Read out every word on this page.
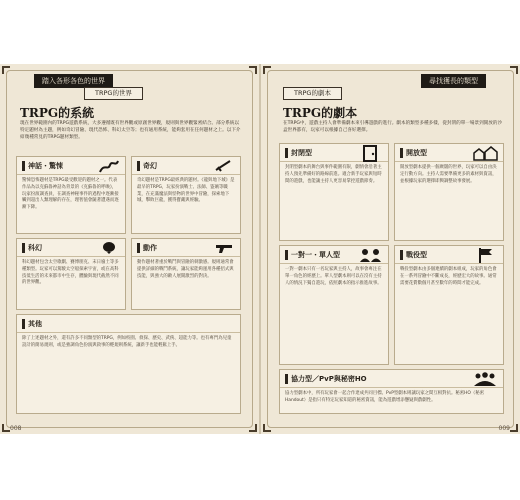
踏入各形各色的世界
TRPG的世界
TRPG的系統
現在世界範圍內的TRPG遊戲系統，大多遵循既有世界觀或原創世界觀，規則與世界觀緊密結合。部分系統以特定題材為主題，例如奇幻冒險、現代恐怖、科幻太空等；也有通用系統，能夠套用在任何題材之上。以下介紹幾種常見的TRPG題材類型。
神話・驚悚
驚悚恐怖題材是TRPG最受歡迎的題材之一。代表作品為以克蘇魯神話為背景的《克蘇魯的呼喚》，玩家扮演調查員，在調查神秘事件的過程中逐漸接觸到超出人類理解的存在，理智值會隨著遭遇而逐漸下降。
奇幻
奇幻題材是TRPG最經典的題材。《龍與地下城》是最早的TRPG，玩家扮演戰士、法師、盜賊等職業，在充滿魔法與怪物的世界中冒險，探索地下城，擊敗巨龍，獲得寶藏與經驗。
科幻
科幻題材包含太空歌劇、賽博朋克、末日廢土等多種類型。玩家可以駕駛太空船探索宇宙，或在高科技低生活的未來都市中生存，體驗與現代截然不同的世界觀。
動作
動作題材著重於戰鬥與冒險的刺激感。規則通常會提供詳細的戰鬥系統，讓玩家能夠運用各種招式與技能，與強大的敵人展開激烈的對決。
其他
除了上述題材之外，還有許多不同類型的TRPG，例如校園、偵探、歷史、武俠、超能力等。也有專門為兒童設計的簡易規則，或是強調角色扮演與敘事的輕規則系統，讓新手也能輕鬆上手。
008
尋找獲長的類型
TRPG的劇本
TRPG的劇本
在TRPG中，遊戲主持人會準備劇本來引導遊戲的進行。劇本的類型多種多樣，從封閉的單一場景到開放的沙盒世界都有，玩家可以根據自己喜好選擇。
封閉型
封閉型劇本的舞台與事件範圍有限，劇情會沿著主持人預先準備好的路線前進。適合新手玩家與短時間的遊戲，也能讓主持人更容易掌控遊戲節奏。
開放型
開放型劇本提供一個廣闊的世界，玩家可以自由決定行動方向。主持人需要準備更多的素材與資訊，並根據玩家的選擇即興調整故事發展。
一對一・單人型
一對一劇本只有一名玩家與主持人，故事會專注在單一角色的經歷上。單人型劇本則可以在沒有主持人的情況下獨自遊玩，依照劇本的指示推進故事。
戰役型
戰役型劇本由多個連續的劇本組成，玩家的角色會在一系列冒險中不斷成長，經歷宏大的故事。通常需要花費數個月甚至數年的時間才能完成。
協力型／PvP與秘密HO
協力型劇本中，所有玩家會一起合作達成共同目標。PvP型劇本則讓玩家之間互相對抗。秘密HO（秘密Handout）是指只有特定玩家知道的秘密資訊，能為遊戲增添懸疑與戲劇性。
009
